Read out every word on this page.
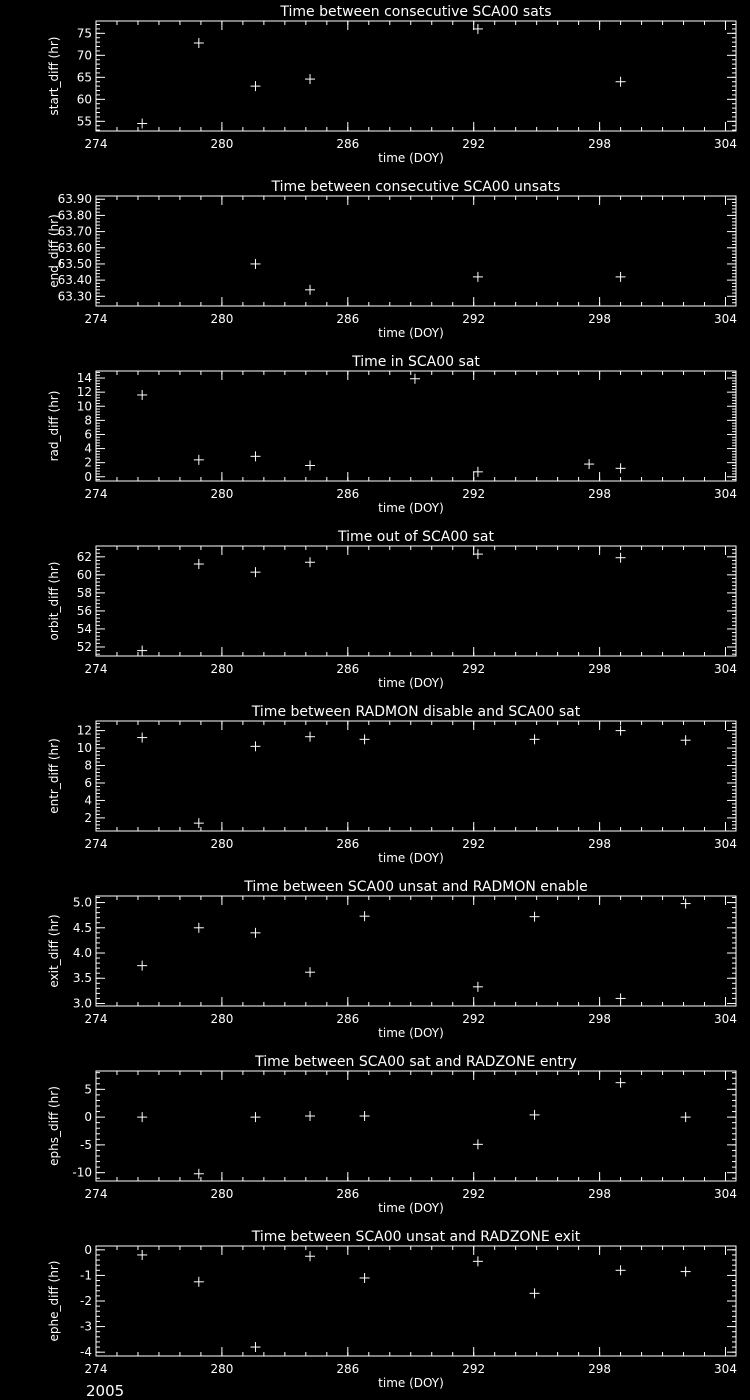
Time between consecutive SCA00 sats
274	280	286	292	298	304
55
60
65
70
75
time (DOY)
start_diff (hr)
Time between consecutive SCA00 unsats
274	280	286	292	298	304
63.30
63.40
63.50
63.60
63.70
63.80
63.90
time (DOY)
end_diff (hr)
Time in SCA00 sat
274	280	286	292	298	304
0
2
4
6
8
10
12
14
time (DOY)
rad_diff (hr)
Time out of SCA00 sat
274	280	286	292	298	304
52
54
56
58
60
62
time (DOY)
orbit_diff (hr)
Time between RADMON disable and SCA00 sat
274	280	286	292	298	304
2
4
6
8
10
12
time (DOY)
entr_diff (hr)
Time between SCA00 unsat and RADMON enable
274	280	286	292	298	304
3.0
3.5
4.0
4.5
5.0
time (DOY)
exit_diff (hr)
Time between SCA00 sat and RADZONE entry
274	280	286	292	298	304
-10
-5
0
5
time (DOY)
ephs_diff (hr)
Time between SCA00 unsat and RADZONE exit
274	280	286	292	298	304
-4
-3
-2
-1
0
time (DOY)
ephe_diff (hr)
2005
